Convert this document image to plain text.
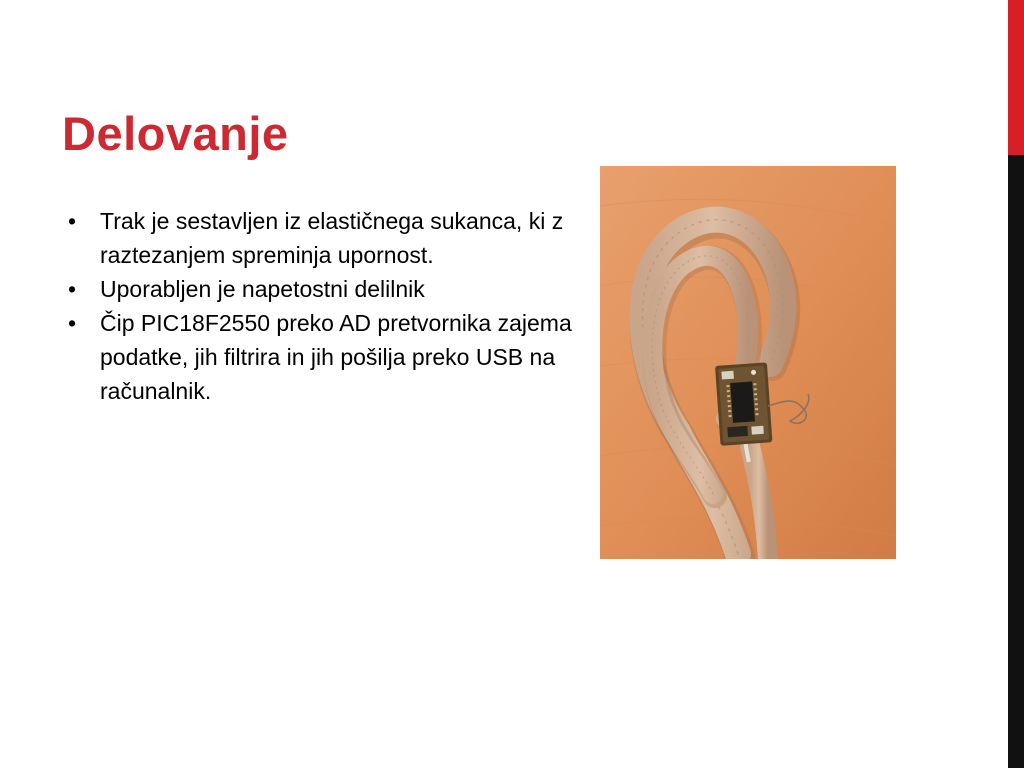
Delovanje
• Trak je sestavljen iz elastičnega sukanca, ki z raztezanjem spreminja upornost.
• Uporabljen je napetostni delilnik
• Čip PIC18F2550 preko AD pretvornika zajema podatke, jih filtrira in jih pošilja preko USB na računalnik.
